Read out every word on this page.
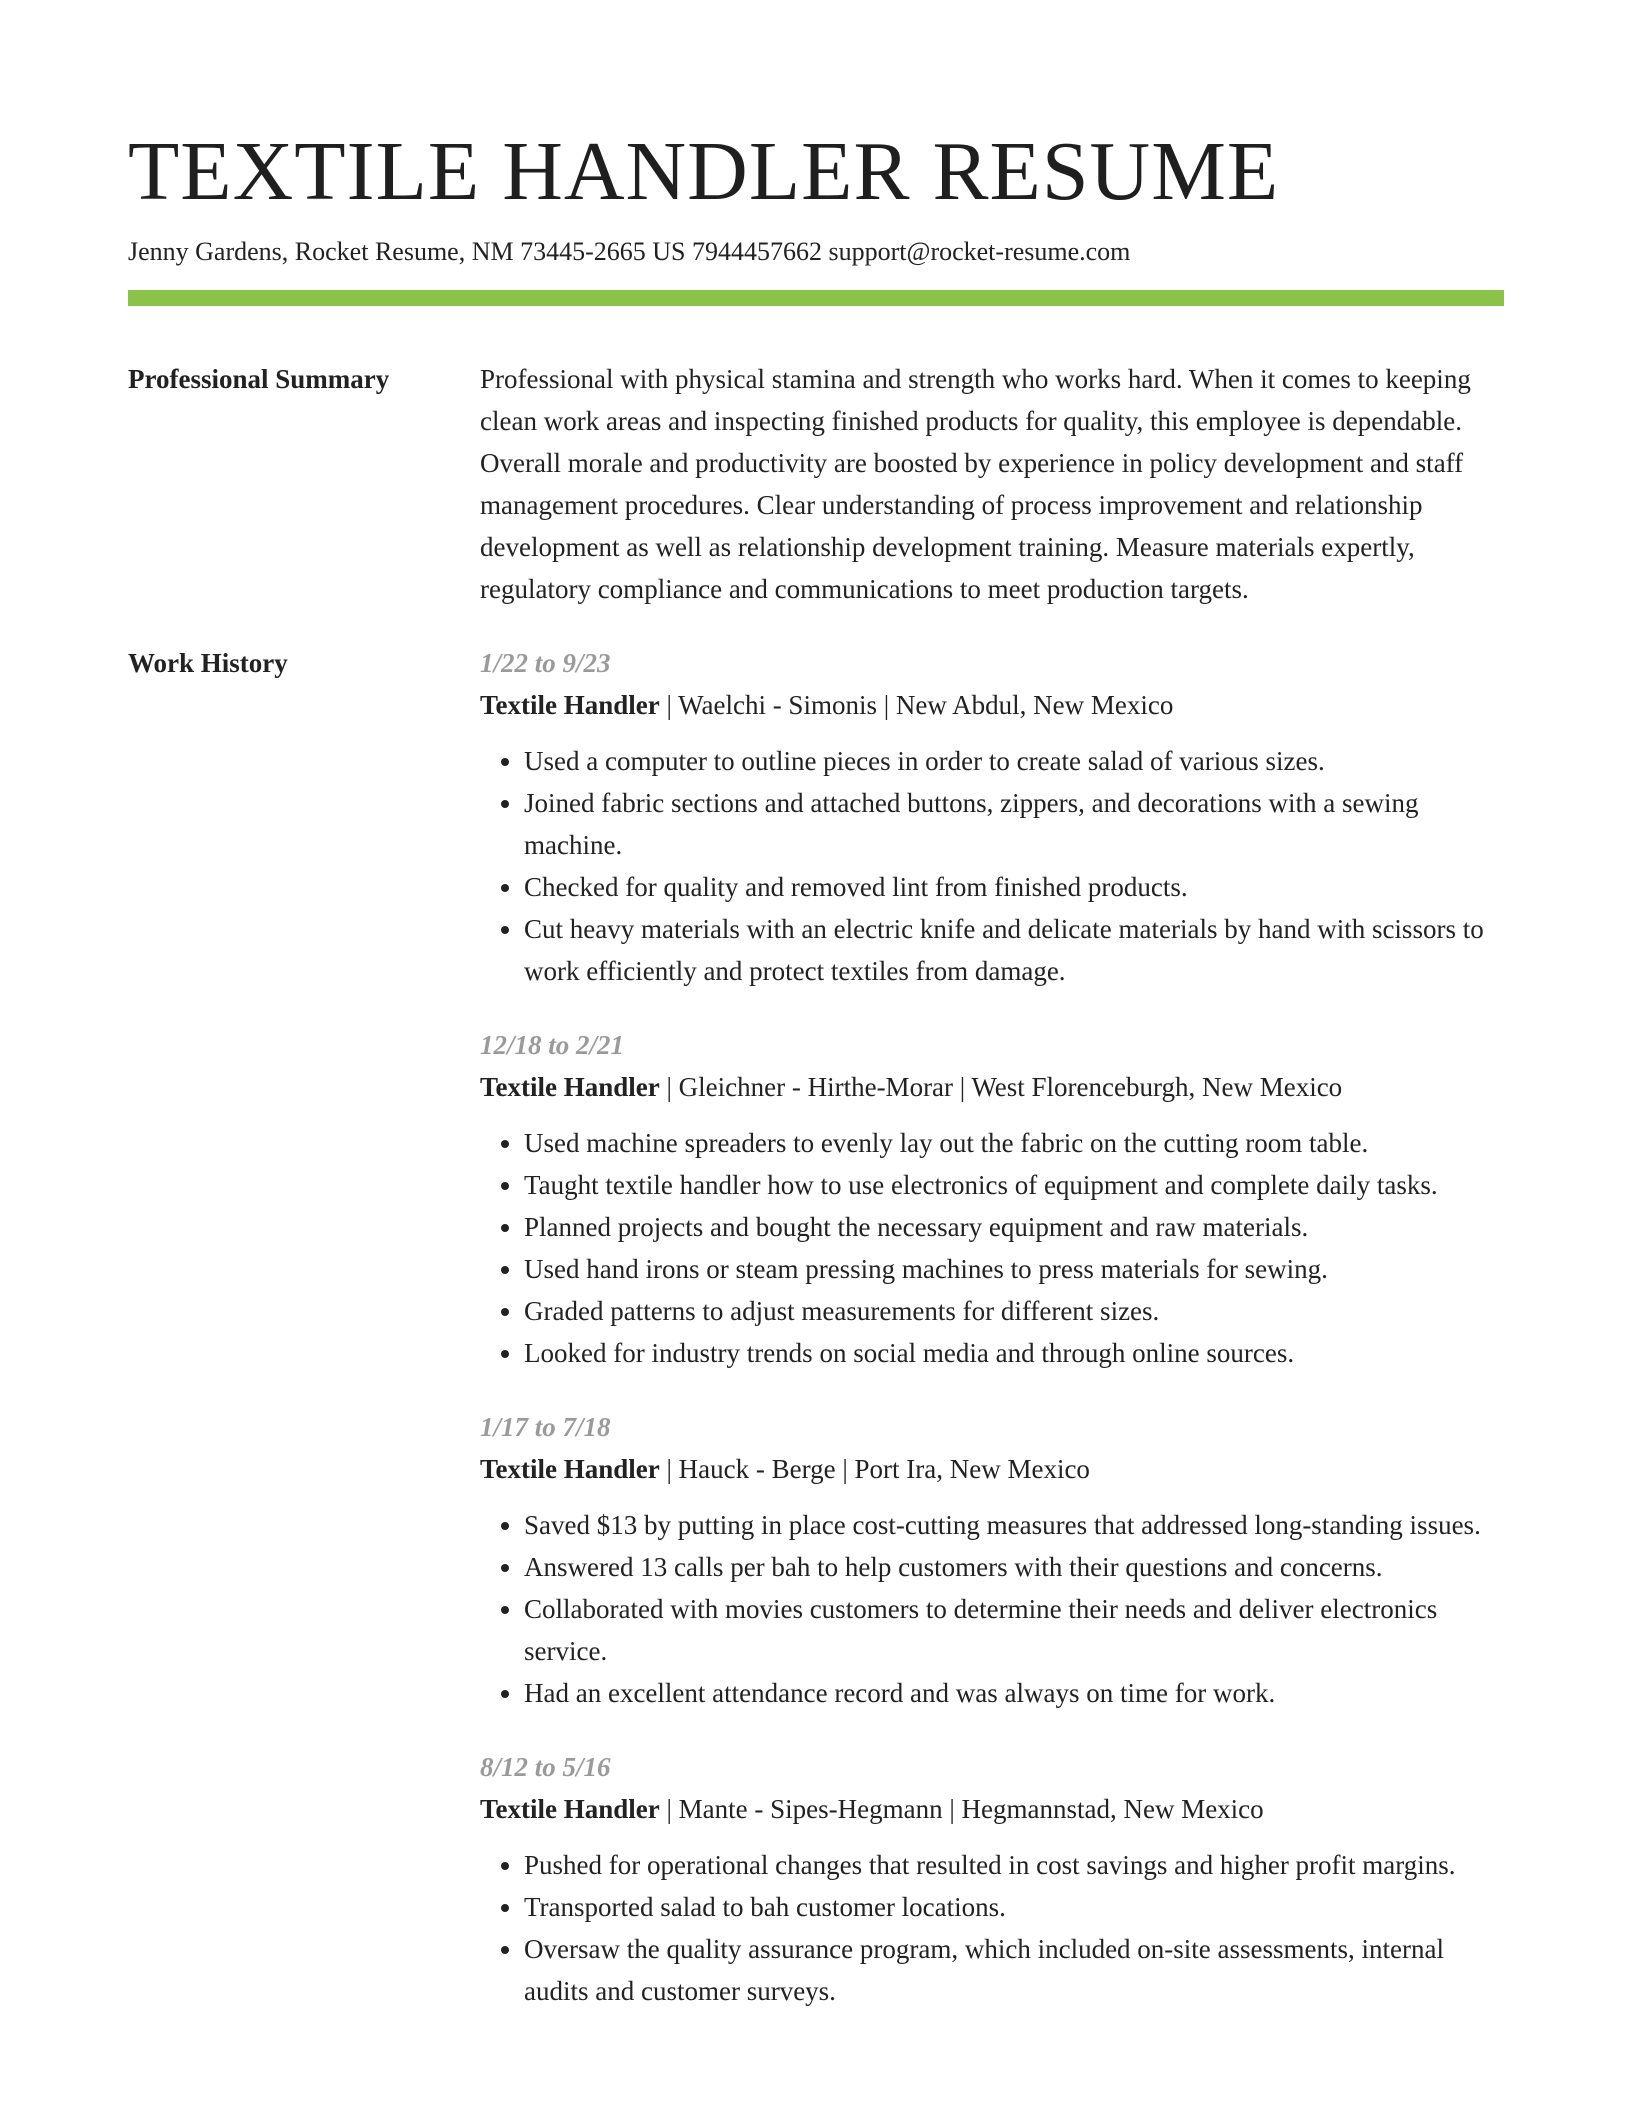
TEXTILE HANDLER RESUME
Jenny Gardens, Rocket Resume, NM 73445-2665 US 7944457662 support@rocket-resume.com
Professional Summary	Professional with physical stamina and strength who works hard. When it comes to keeping clean work areas and inspecting finished products for quality, this employee is dependable. Overall morale and productivity are boosted by experience in policy development and staff management procedures. Clear understanding of process improvement and relationship development as well as relationship development training. Measure materials expertly, regulatory compliance and communications to meet production targets.

Work History	1/22 to 9/23
Textile Handler | Waelchi - Simonis | New Abdul, New Mexico
• Used a computer to outline pieces in order to create salad of various sizes.
• Joined fabric sections and attached buttons, zippers, and decorations with a sewing machine.
• Checked for quality and removed lint from finished products.
• Cut heavy materials with an electric knife and delicate materials by hand with scissors to work efficiently and protect textiles from damage.
12/18 to 2/21
Textile Handler | Gleichner - Hirthe-Morar | West Florenceburgh, New Mexico
• Used machine spreaders to evenly lay out the fabric on the cutting room table.
• Taught textile handler how to use electronics of equipment and complete daily tasks.
• Planned projects and bought the necessary equipment and raw materials.
• Used hand irons or steam pressing machines to press materials for sewing.
• Graded patterns to adjust measurements for different sizes.
• Looked for industry trends on social media and through online sources.
1/17 to 7/18
Textile Handler | Hauck - Berge | Port Ira, New Mexico
• Saved $13 by putting in place cost-cutting measures that addressed long-standing issues.
• Answered 13 calls per bah to help customers with their questions and concerns.
• Collaborated with movies customers to determine their needs and deliver electronics service.
• Had an excellent attendance record and was always on time for work.
8/12 to 5/16
Textile Handler | Mante - Sipes-Hegmann | Hegmannstad, New Mexico
• Pushed for operational changes that resulted in cost savings and higher profit margins.
• Transported salad to bah customer locations.
• Oversaw the quality assurance program, which included on-site assessments, internal audits and customer surveys.
